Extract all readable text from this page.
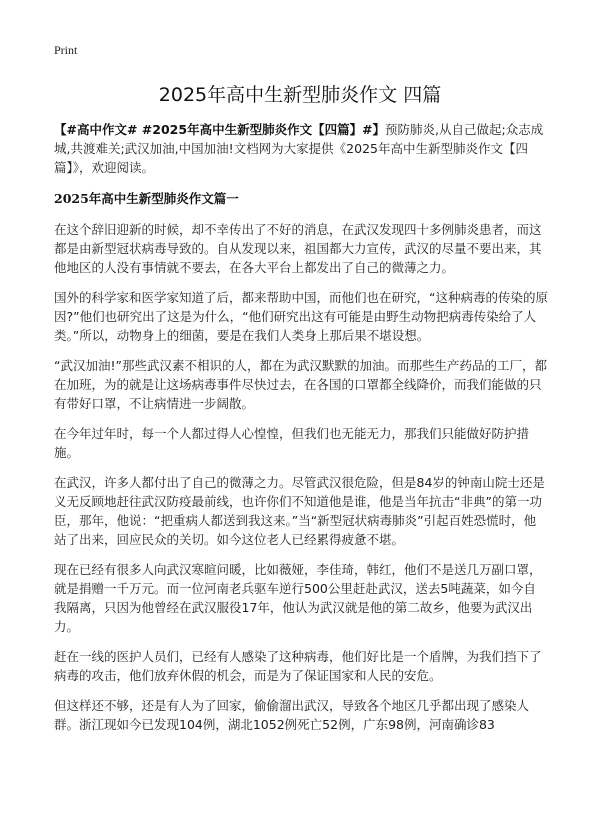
Print
2025年高中生新型肺炎作文 四篇

【#高中作文# #2025年高中生新型肺炎作文【四篇】#】预防肺炎,从自己做起;众志成城,共渡难关;武汉加油,中国加油!文档网为大家提供《2025年高中生新型肺炎作文【四篇】》，欢迎阅读。

2025年高中生新型肺炎作文篇一

在这个辞旧迎新的时候，却不幸传出了不好的消息，在武汉发现四十多例肺炎患者，而这都是由新型冠状病毒导致的。自从发现以来，祖国都大力宣传，武汉的尽量不要出来，其他地区的人没有事情就不要去，在各大平台上都发出了自己的微薄之力。

国外的科学家和医学家知道了后，都来帮助中国，而他们也在研究，“这种病毒的传染的原因?”他们也研究出了这是为什么，“他们研究出这有可能是由野生动物把病毒传染给了人类。”所以，动物身上的细菌，要是在我们人类身上那后果不堪设想。

“武汉加油!”那些武汉素不相识的人，都在为武汉默默的加油。而那些生产药品的工厂，都在加班，为的就是让这场病毒事件尽快过去，在各国的口罩都全线降价，而我们能做的只有带好口罩，不让病情进一步阔散。

在今年过年时，每一个人都过得人心惶惶，但我们也无能无力，那我们只能做好防护措施。

在武汉，许多人都付出了自己的微薄之力。尽管武汉很危险，但是84岁的钟南山院士还是义无反顾地赶往武汉防疫最前线，也许你们不知道他是谁，他是当年抗击“非典”的第一功臣，那年，他说：“把重病人都送到我这来。”当“新型冠状病毒肺炎”引起百姓恐慌时，他站了出来，回应民众的关切。如今这位老人已经累得疲惫不堪。

现在已经有很多人向武汉寒暄问暖，比如薇娅，李佳琦，韩红，他们不是送几万副口罩，就是捐赠一千万元。而一位河南老兵驱车逆行500公里赶赴武汉，送去5吨蔬菜，如今自我隔离，只因为他曾经在武汉服役17年，他认为武汉就是他的第二故乡，他要为武汉出力。

赶在一线的医护人员们，已经有人感染了这种病毒，他们好比是一个盾牌，为我们挡下了病毒的攻击，他们放弃休假的机会，而是为了保证国家和人民的安危。

但这样还不够，还是有人为了回家，偷偷溜出武汉，导致各个地区几乎都出现了感染人群。浙江现如今已发现104例，湖北1052例死亡52例，广东98例，河南确诊83
